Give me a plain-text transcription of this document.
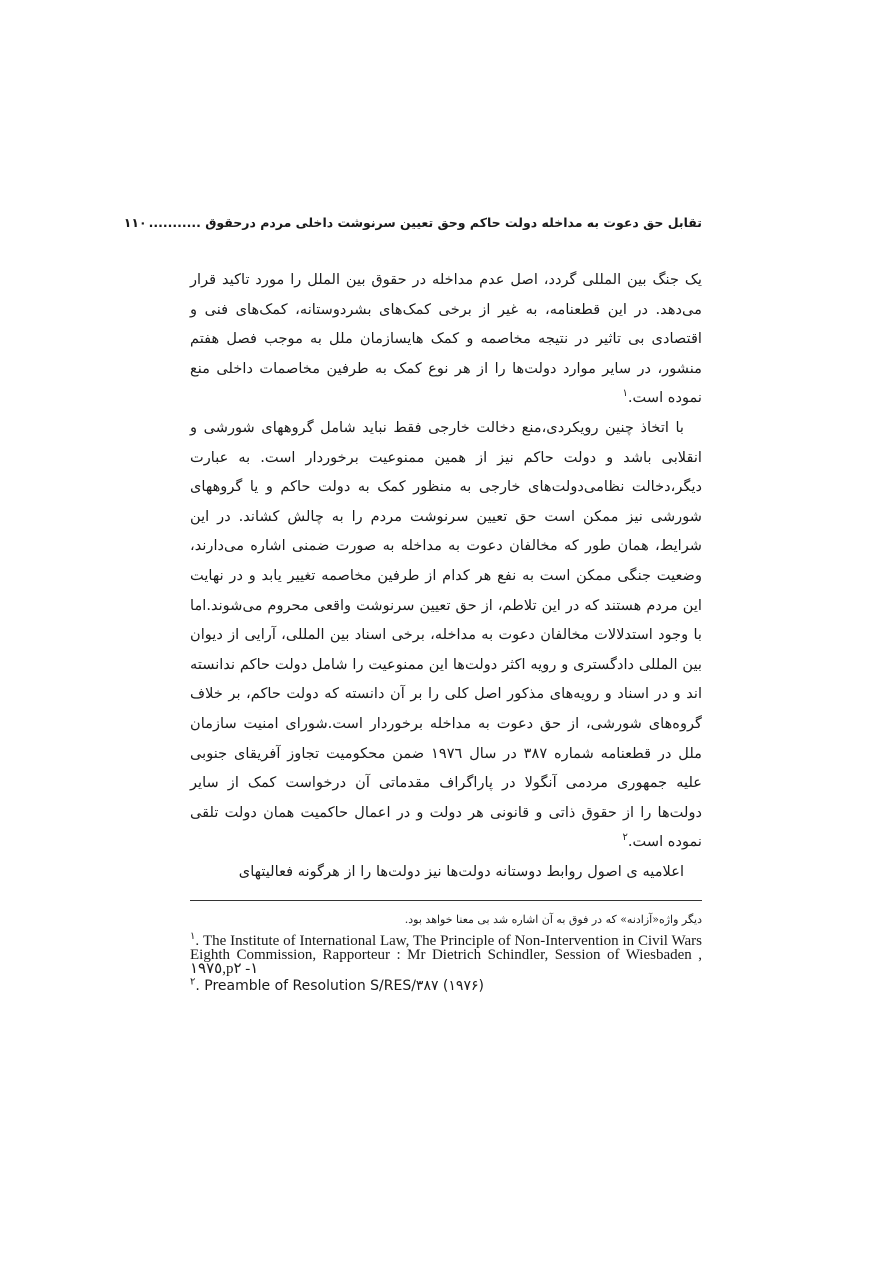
تقابل حق دعوت به مداخله دولت حاکم وحق تعیین سرنوشت داخلی مردم درحقوق ...........
١١٠

یک جنگ بین المللی گردد، اصل عدم مداخله در حقوق بین الملل را مورد تاکید قرار می‌دهد. در این قطعنامه، به غیر از برخی کمک‌های بشردوستانه، کمک‌های فنی و اقتصادی بی تاثیر در نتیجه مخاصمه و کمک هایسازمان ملل به موجب فصل هفتم منشور، در سایر موارد دولت‌ها را از هر نوع کمک به طرفین مخاصمات داخلی منع نموده است.$^١$

با اتخاذ چنین رویکردی،منع دخالت خارجی فقط نباید شامل گروههای شورشی و انقلابی باشد و دولت حاکم نیز از همین ممنوعیت برخوردار است. به عبارت دیگر،دخالت نظامی‌دولت‌های خارجی به منظور کمک به دولت حاکم و یا گروههای شورشی نیز ممکن است حق تعیین سرنوشت مردم را به چالش کشاند. در این شرایط، همان طور که مخالفان دعوت به مداخله به صورت ضمنی اشاره می‌دارند، وضعیت جنگی ممکن است به نفع هر کدام از طرفین مخاصمه تغییر یابد و در نهایت این مردم هستند که در این تلاطم، از حق تعیین سرنوشت واقعی محروم می‌شوند.اما با وجود استدلالات مخالفان دعوت به مداخله، برخی اسناد بین المللی، آرایی از دیوان بین المللی دادگستری و رویه اکثر دولت‌ها این ممنوعیت را شامل دولت حاکم ندانسته اند و در اسناد و رویه‌های مذکور اصل کلی را بر آن دانسته که دولت حاکم، بر خلاف گروه‌های شورشی، از حق دعوت به مداخله برخوردار است.شورای امنیت سازمان ملل در قطعنامه شماره ٣٨٧ در سال ١٩٧٦ ضمن محکومیت تجاوز آفریقای جنوبی علیه جمهوری مردمی آنگولا در پاراگراف مقدماتی آن درخواست کمک از سایر دولت‌ها را از حقوق ذاتی و قانونی هر دولت و در اعمال حاکمیت همان دولت تلقی نموده است.$^٢$

اعلامیه ی اصول روابط دوستانه دولت‌ها نیز دولت‌ها را از هرگونه فعالیتهای

دیگر واژه«آزادنه» که در فوق به آن اشاره شد بی معنا خواهد بود.
$^١$. The Institute of International Law, The Principle of Non-Intervention in Civil Wars Eighth Commission, Rapporteur : Mr Dietrich Schindler, Session of Wiesbaden , ١٩٧٥,p١- ٢
$^٢$. Preamble of Resolution S/RES/٣٨٧ (١٩٧۶)
